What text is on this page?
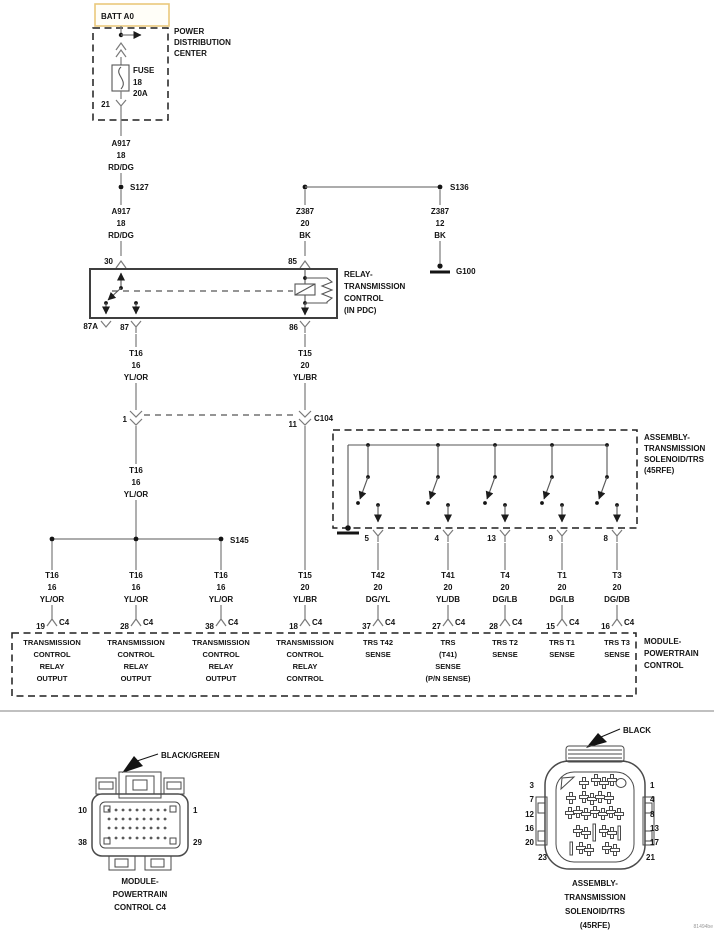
BATT A0
POWER
DISTRIBUTION
CENTER
FUSE
18
20A
21
A917
18
RD/DG
S127
A917
18
RD/DG
30
S136
Z387
20
BK
85
Z387
12
BK
G100
RELAY-
TRANSMISSION
CONTROL
(IN PDC)
87A	87	86
T16
16
YL/OR
T15
20
YL/BR
1
11
C104
T16
16
YL/OR
S145
ASSEMBLY-
TRANSMISSION
SOLENOID/TRS
(45RFE)
5	4	13	9	8
T16
16
YL/OR
19 C4
TRANSMISSION
CONTROL
RELAY
OUTPUT
T16
16
YL/OR
28 C4
TRANSMISSION
CONTROL
RELAY
OUTPUT
T16
16
YL/OR
38 C4
TRANSMISSION
CONTROL
RELAY
OUTPUT
T15
20
YL/BR
18 C4
TRANSMISSION
CONTROL
RELAY
CONTROL
T42
20
DG/YL
37 C4
TRS T42
SENSE
T41
20
YL/DB
27 C4
TRS
(T41)
SENSE
(P/N SENSE)
T4
20
DG/LB
28 C4
TRS T2
SENSE
T1
20
DG/LB
15 C4
TRS T1
SENSE
T3
20
DG/DB
16 C4
TRS T3
SENSE
MODULE-
POWERTRAIN
CONTROL
BLACK/GREEN
10	1
38	29
MODULE-
POWERTRAIN
CONTROL C4
BLACK
3
7
12
16
20
23
1
4
8
13
17
21
ASSEMBLY-
TRANSMISSION
SOLENOID/TRS
(45RFE)	81494be
